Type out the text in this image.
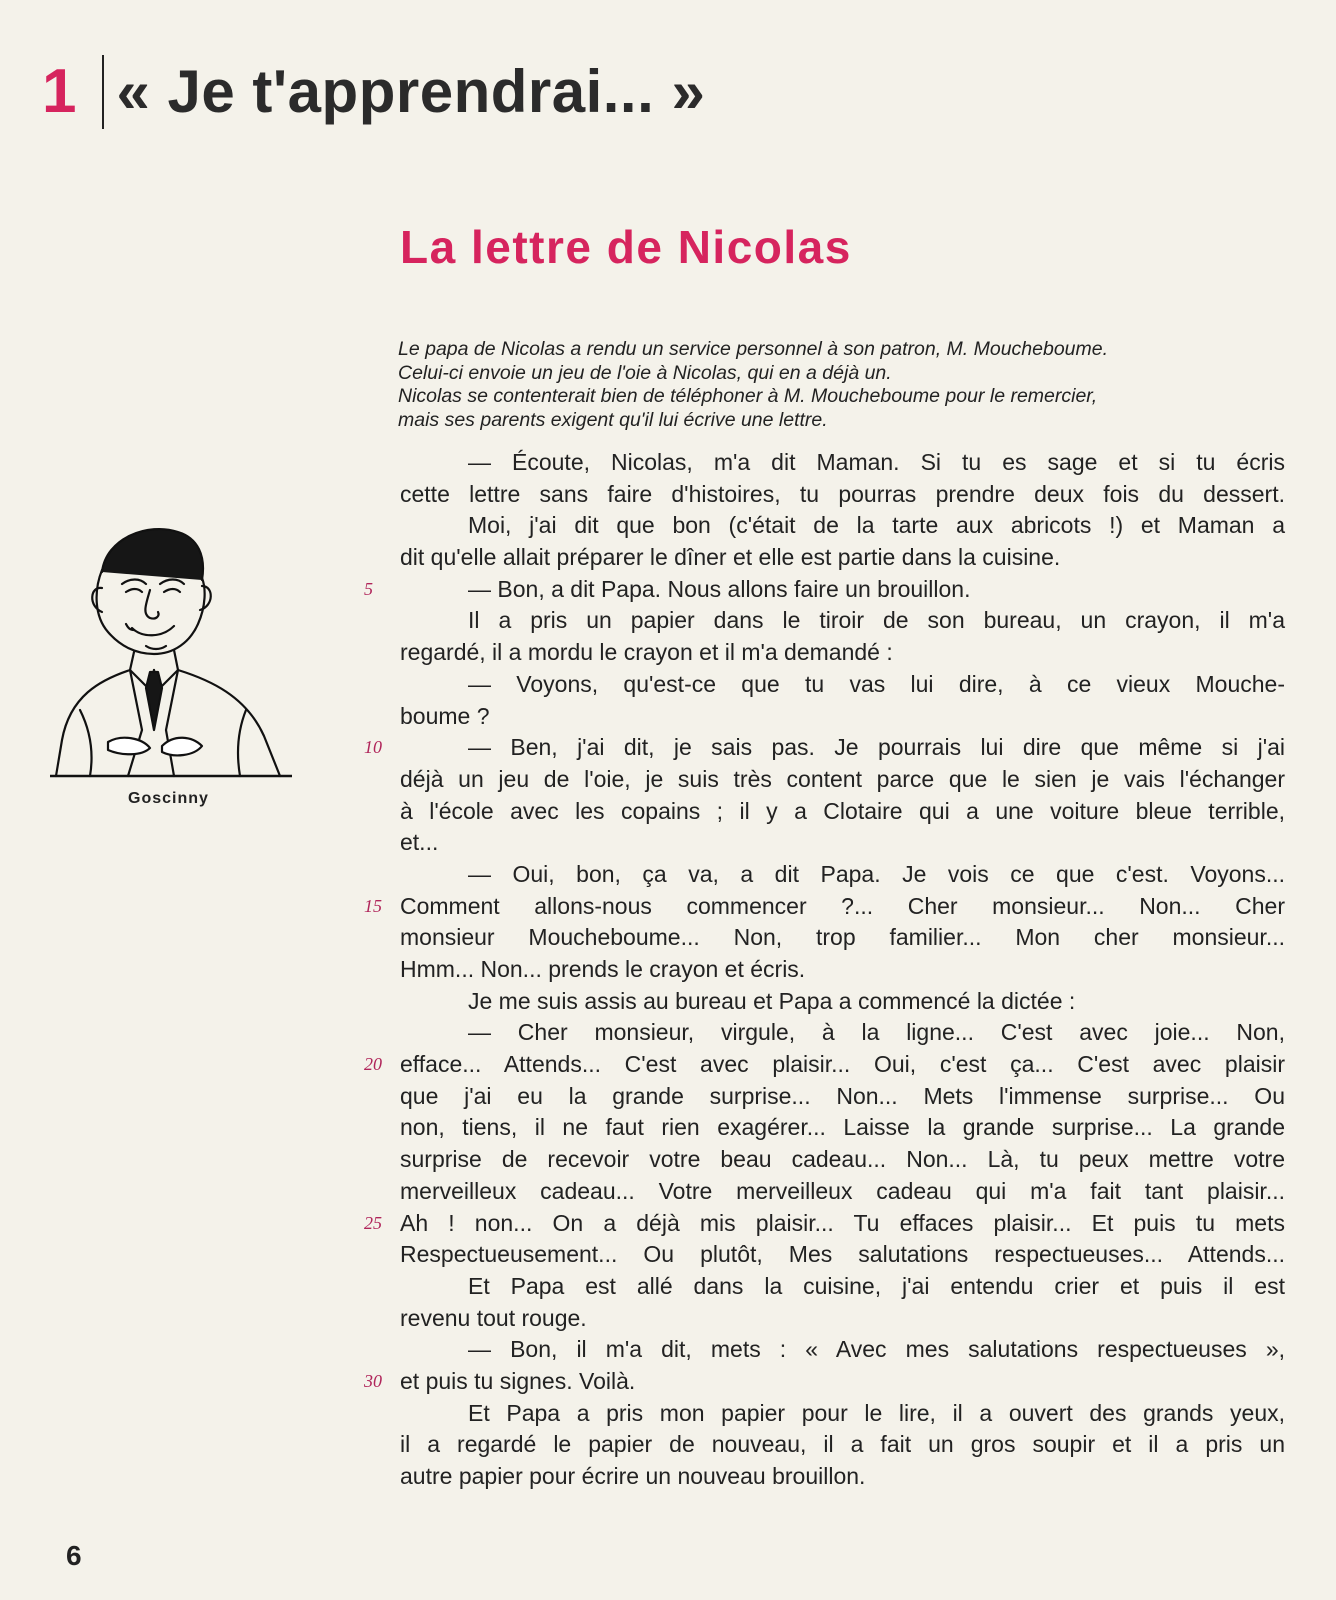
1 « Je t'apprendrai... »
La lettre de Nicolas
Le papa de Nicolas a rendu un service personnel à son patron, M. Moucheboume.
Celui-ci envoie un jeu de l'oie à Nicolas, qui en a déjà un.
Nicolas se contenterait bien de téléphoner à M. Moucheboume pour le remercier,
mais ses parents exigent qu'il lui écrive une lettre.
Goscinny
— Écoute, Nicolas, m'a dit Maman. Si tu es sage et si tu écris
cette lettre sans faire d'histoires, tu pourras prendre deux fois du dessert.
Moi, j'ai dit que bon (c'était de la tarte aux abricots !) et Maman a
dit qu'elle allait préparer le dîner et elle est partie dans la cuisine.
— Bon, a dit Papa. Nous allons faire un brouillon.
5
Il a pris un papier dans le tiroir de son bureau, un crayon, il m'a
regardé, il a mordu le crayon et il m'a demandé :
— Voyons, qu'est-ce que tu vas lui dire, à ce vieux Mouche-
boume ?
— Ben, j'ai dit, je sais pas. Je pourrais lui dire que même si j'ai
10
déjà un jeu de l'oie, je suis très content parce que le sien je vais l'échanger
à l'école avec les copains ; il y a Clotaire qui a une voiture bleue terrible,
et...
— Oui, bon, ça va, a dit Papa. Je vois ce que c'est. Voyons...
Comment allons-nous commencer ?... Cher monsieur... Non... Cher
15
monsieur Moucheboume... Non, trop familier... Mon cher monsieur...
Hmm... Non... prends le crayon et écris.
Je me suis assis au bureau et Papa a commencé la dictée :
— Cher monsieur, virgule, à la ligne... C'est avec joie... Non,
efface... Attends... C'est avec plaisir... Oui, c'est ça... C'est avec plaisir
20
que j'ai eu la grande surprise... Non... Mets l'immense surprise... Ou
non, tiens, il ne faut rien exagérer... Laisse la grande surprise... La grande
surprise de recevoir votre beau cadeau... Non... Là, tu peux mettre votre
merveilleux cadeau... Votre merveilleux cadeau qui m'a fait tant plaisir...
Ah ! non... On a déjà mis plaisir... Tu effaces plaisir... Et puis tu mets
25
Respectueusement... Ou plutôt, Mes salutations respectueuses... Attends...
Et Papa est allé dans la cuisine, j'ai entendu crier et puis il est
revenu tout rouge.
— Bon, il m'a dit, mets : « Avec mes salutations respectueuses »,
et puis tu signes. Voilà.
30
Et Papa a pris mon papier pour le lire, il a ouvert des grands yeux,
il a regardé le papier de nouveau, il a fait un gros soupir et il a pris un
autre papier pour écrire un nouveau brouillon.
6
